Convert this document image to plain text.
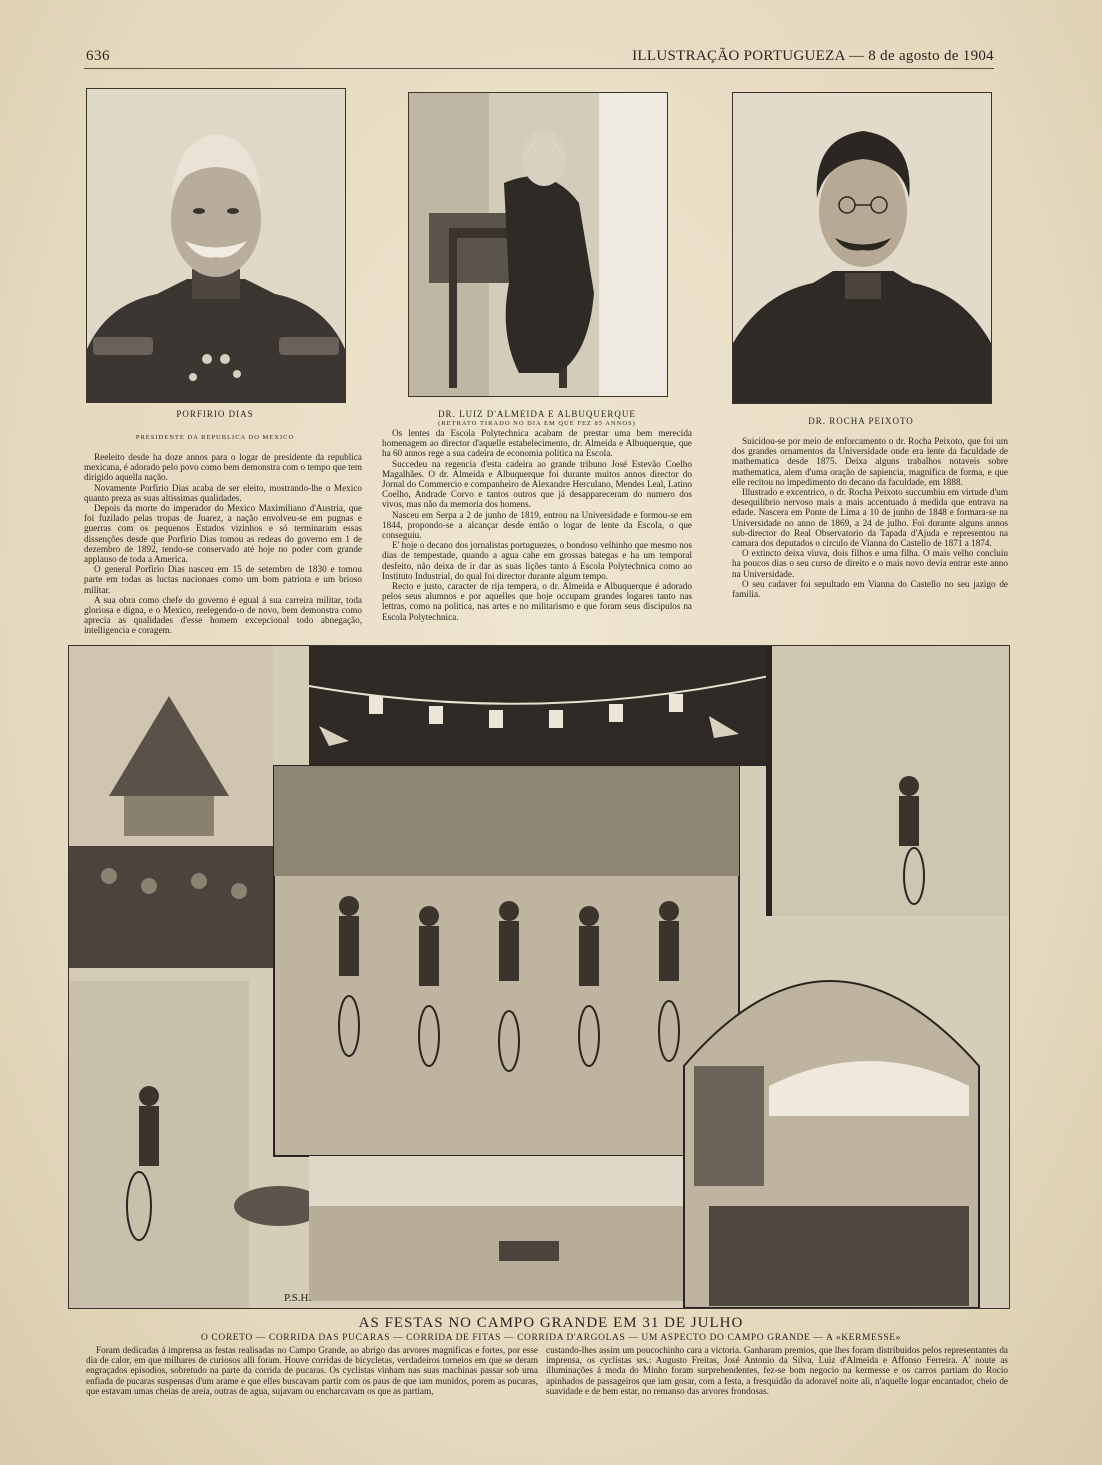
636	ILLUSTRAÇÃO PORTUGUEZA — 8 de agosto de 1904
PORFIRIO DIAS
PRESIDENTE DA REPUBLICA DO MEXICO

Reeleito desde ha doze annos para o logar de presidente da republica mexicana, é adorado pelo povo como bem demonstra com o tempo que tem dirigido aquella nação.

Novamente Porfirio Dias acaba de ser eleito, mostrando-lhe o Mexico quanto preza as suas altissimas qualidades.

Depois da morte do imperador do Mexico Maximiliano d'Austria, que foi fuzilado pelas tropas de Juarez, a nação envolveu-se em pugnas e guerras com os pequenos Estados vizinhos e só terminaram essas dissenções desde que Porfirio Dias tomou as redeas do governo em 1 de dezembro de 1892, tendo-se conservado até hoje no poder com grande applauso de toda a America.

O general Porfirio Dias nasceu em 15 de setembro de 1830 e tomou parte em todas as luctas nacionaes como um bom patriota e um brioso militar.

A sua obra como chefe do governo é egual á sua carreira militar, toda gloriosa e digna, e o Mexico, reelegendo-o de novo, bem demonstra como aprecia as qualidades d'esse homem excepcional todo abnegação, intelligencia e coragem.

DR. LUIZ D'ALMEIDA E ALBUQUERQUE
(RETRATO TIRADO NO DIA EM QUE FEZ 85 ANNOS)

Os lentes da Escola Polytechnica acabam de prestar uma bem merecida homenagem ao director d'aquelle estabelecimento, dr. Almeida e Albuquerque, que ha 60 annos rege a sua cadeira de economia politica na Escola.

Succedeu na regencia d'esta cadeira ao grande tribuno José Estevão Coelho Magalhães. O dr. Almeida e Albuquerque foi durante muitos annos director do Jornal do Commercio e companheiro de Alexandre Herculano, Mendes Leal, Latino Coelho, Andrade Corvo e tantos outros que já desappareceram do numero dos vivos, mas não da memoria dos homens.

Nasceu em Serpa a 2 de junho de 1819, entrou na Universidade e formou-se em 1844, propondo-se a alcançar desde então o logar de lente da Escola, o que conseguiu.

E' hoje o decano dos jornalistas portuguezes, o bondoso velhinho que mesmo nos dias de tempestade, quando a agua cahe em grossas bategas e ha um temporal desfeito, não deixa de ir dar as suas lições tanto á Escola Polytechnica como ao Instituto Industrial, do qual foi director durante algum tempo.

Recto e justo, caracter de rija tempera, o dr. Almeida e Albuquerque é adorado pelos seus alumnos e por aquelles que hoje occupam grandes logares tanto nas lettras, como na politica, nas artes e no militarismo e que foram seus discipulos na Escola Polytechnica.

DR. ROCHA PEIXOTO

Suicidou-se por meio de enforcamento o dr. Rocha Peixoto, que foi um dos grandes ornamentos da Universidade onde era lente da faculdade de mathematica desde 1875. Deixa alguns trabalhos notaveis sobre mathematica, alem d'uma oração de sapiencia, magnifica de forma, e que elle recitou no impedimento do decano da faculdade, em 1888.

Illustrado e excentrico, o dr. Rocha Peixoto succumbiu em virtude d'um desequilibrio nervoso mais a mais accentuado á medida que entrava na edade. Nascera em Ponte de Lima a 10 de junho de 1848 e formara-se na Universidade no anno de 1869, a 24 de julho. Foi durante alguns annos sub-director do Real Observatorio da Tapada d'Ajuda e representou na camara dos deputados o circulo de Vianna do Castello de 1871 a 1874.

O extincto deixa viuva, dois filhos e uma filha. O mais velho concluiu ha poucos dias o seu curso de direito e o mais novo devia entrar este anno na Universidade.

O seu cadaver foi sepultado em Vianna do Castello no seu jazigo de familia.

P.S.H.
AS FESTAS NO CAMPO GRANDE EM 31 DE JULHO
O CORETO — CORRIDA DAS PUCARAS — CORRIDA DE FITAS — CORRIDA D'ARGOLAS — UM ASPECTO DO CAMPO GRANDE — A «KERMESSE»

Foram dedicadas á imprensa as festas realisadas no Campo Grande, ao abrigo das arvores magnificas e fortes, por esse dia de calor, em que milhares de curiosos alli foram. Houve corridas de bicycletas, verdadeiros torneios em que se deram engraçados episodios, sobretudo na parte da corrida de pucaras. Os cyclistas vinham nas suas machinas passar sob uma enfiada de pucaras suspensas d'um arame e que elles buscavam partir com os paus de que iam munidos, porem as pucaras, que estavam umas cheias de areia, outras de agua, sujavam ou encharcavam os que as partiam,

custando-lhes assim um poucochinho cara a victoria. Ganharam premios, que lhes foram distribuidos pelos representantes da imprensa, os cyclistas srs.: Augusto Freitas, José Antonio da Silva, Luiz d'Almeida e Affonso Ferreira. A' noute as illuminações á moda do Minho foram surprehendentes, fez-se bom negocio na kermesse e os carros partiam do Rocio apinhados de passageiros que iam gosar, com a festa, a fresquidão da adoravel noite ali, n'aquelle logar encantador, cheio de suavidade e de bem estar, no remanso das arvores frondosas.
